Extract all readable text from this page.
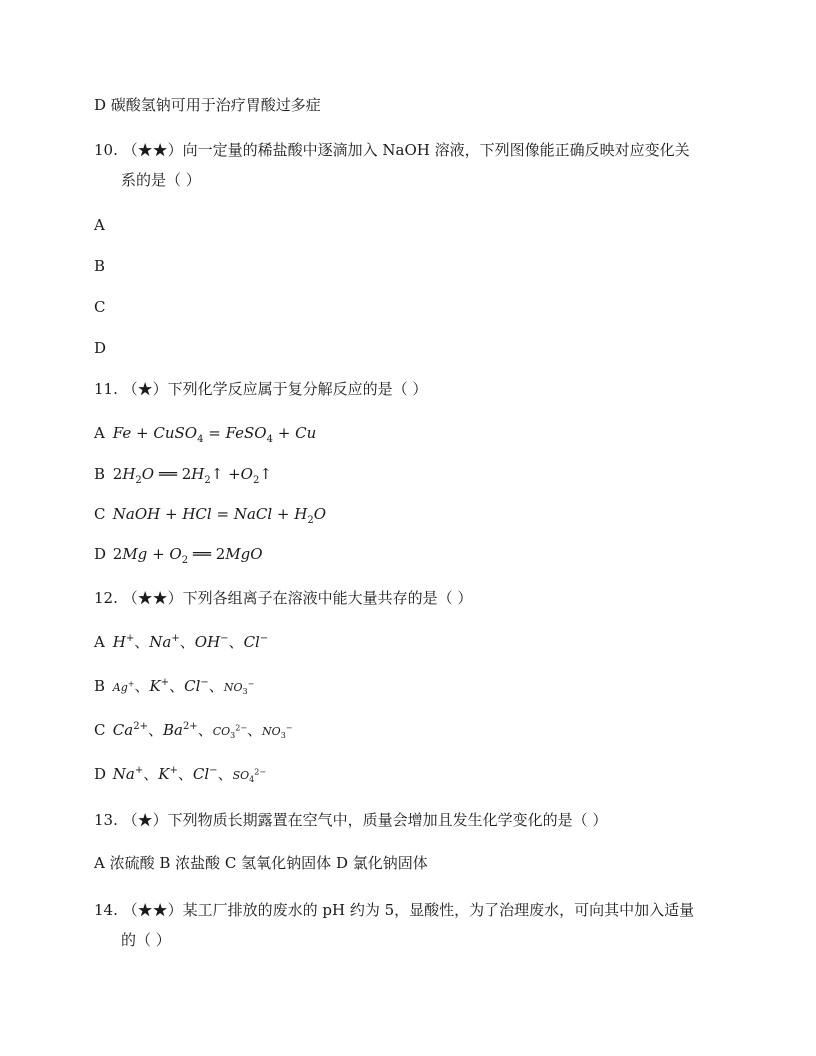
D 碳酸氢钠可用于治疗胃酸过多症
10. （★★）向一定量的稀盐酸中逐滴加入 NaOH 溶液，下列图像能正确反映对应变化关
系的是（ ）
A
B
C
D
11. （★）下列化学反应属于复分解反应的是（ ）
A Fe + CuSO$_4$ = FeSO$_4$ + Cu
B $2H_2O$ ══ $2H_2↑$ $+O_2↑$
C NaOH + HCl = NaCl + $H_2O$
D $2Mg + O_2$ ══ 2MgO
12. （★★）下列各组离子在溶液中能大量共存的是（ ）
A H+、Na+、OH−、Cl−
B Ag+、K+、Cl−、$NO_3^-$
C $Ca^{2+}$、$Ba^{2+}$、$CO_3^{2-}$、$NO_3^-$
D Na+、K+、Cl−、$SO_4^{2-}$
13. （★）下列物质长期露置在空气中，质量会增加且发生化学变化的是（ ）
A 浓硫酸 B 浓盐酸 C 氢氧化钠固体 D 氯化钠固体
14. （★★）某工厂排放的废水的 pH 约为 5，显酸性，为了治理废水，可向其中加入适量
的（ ）
